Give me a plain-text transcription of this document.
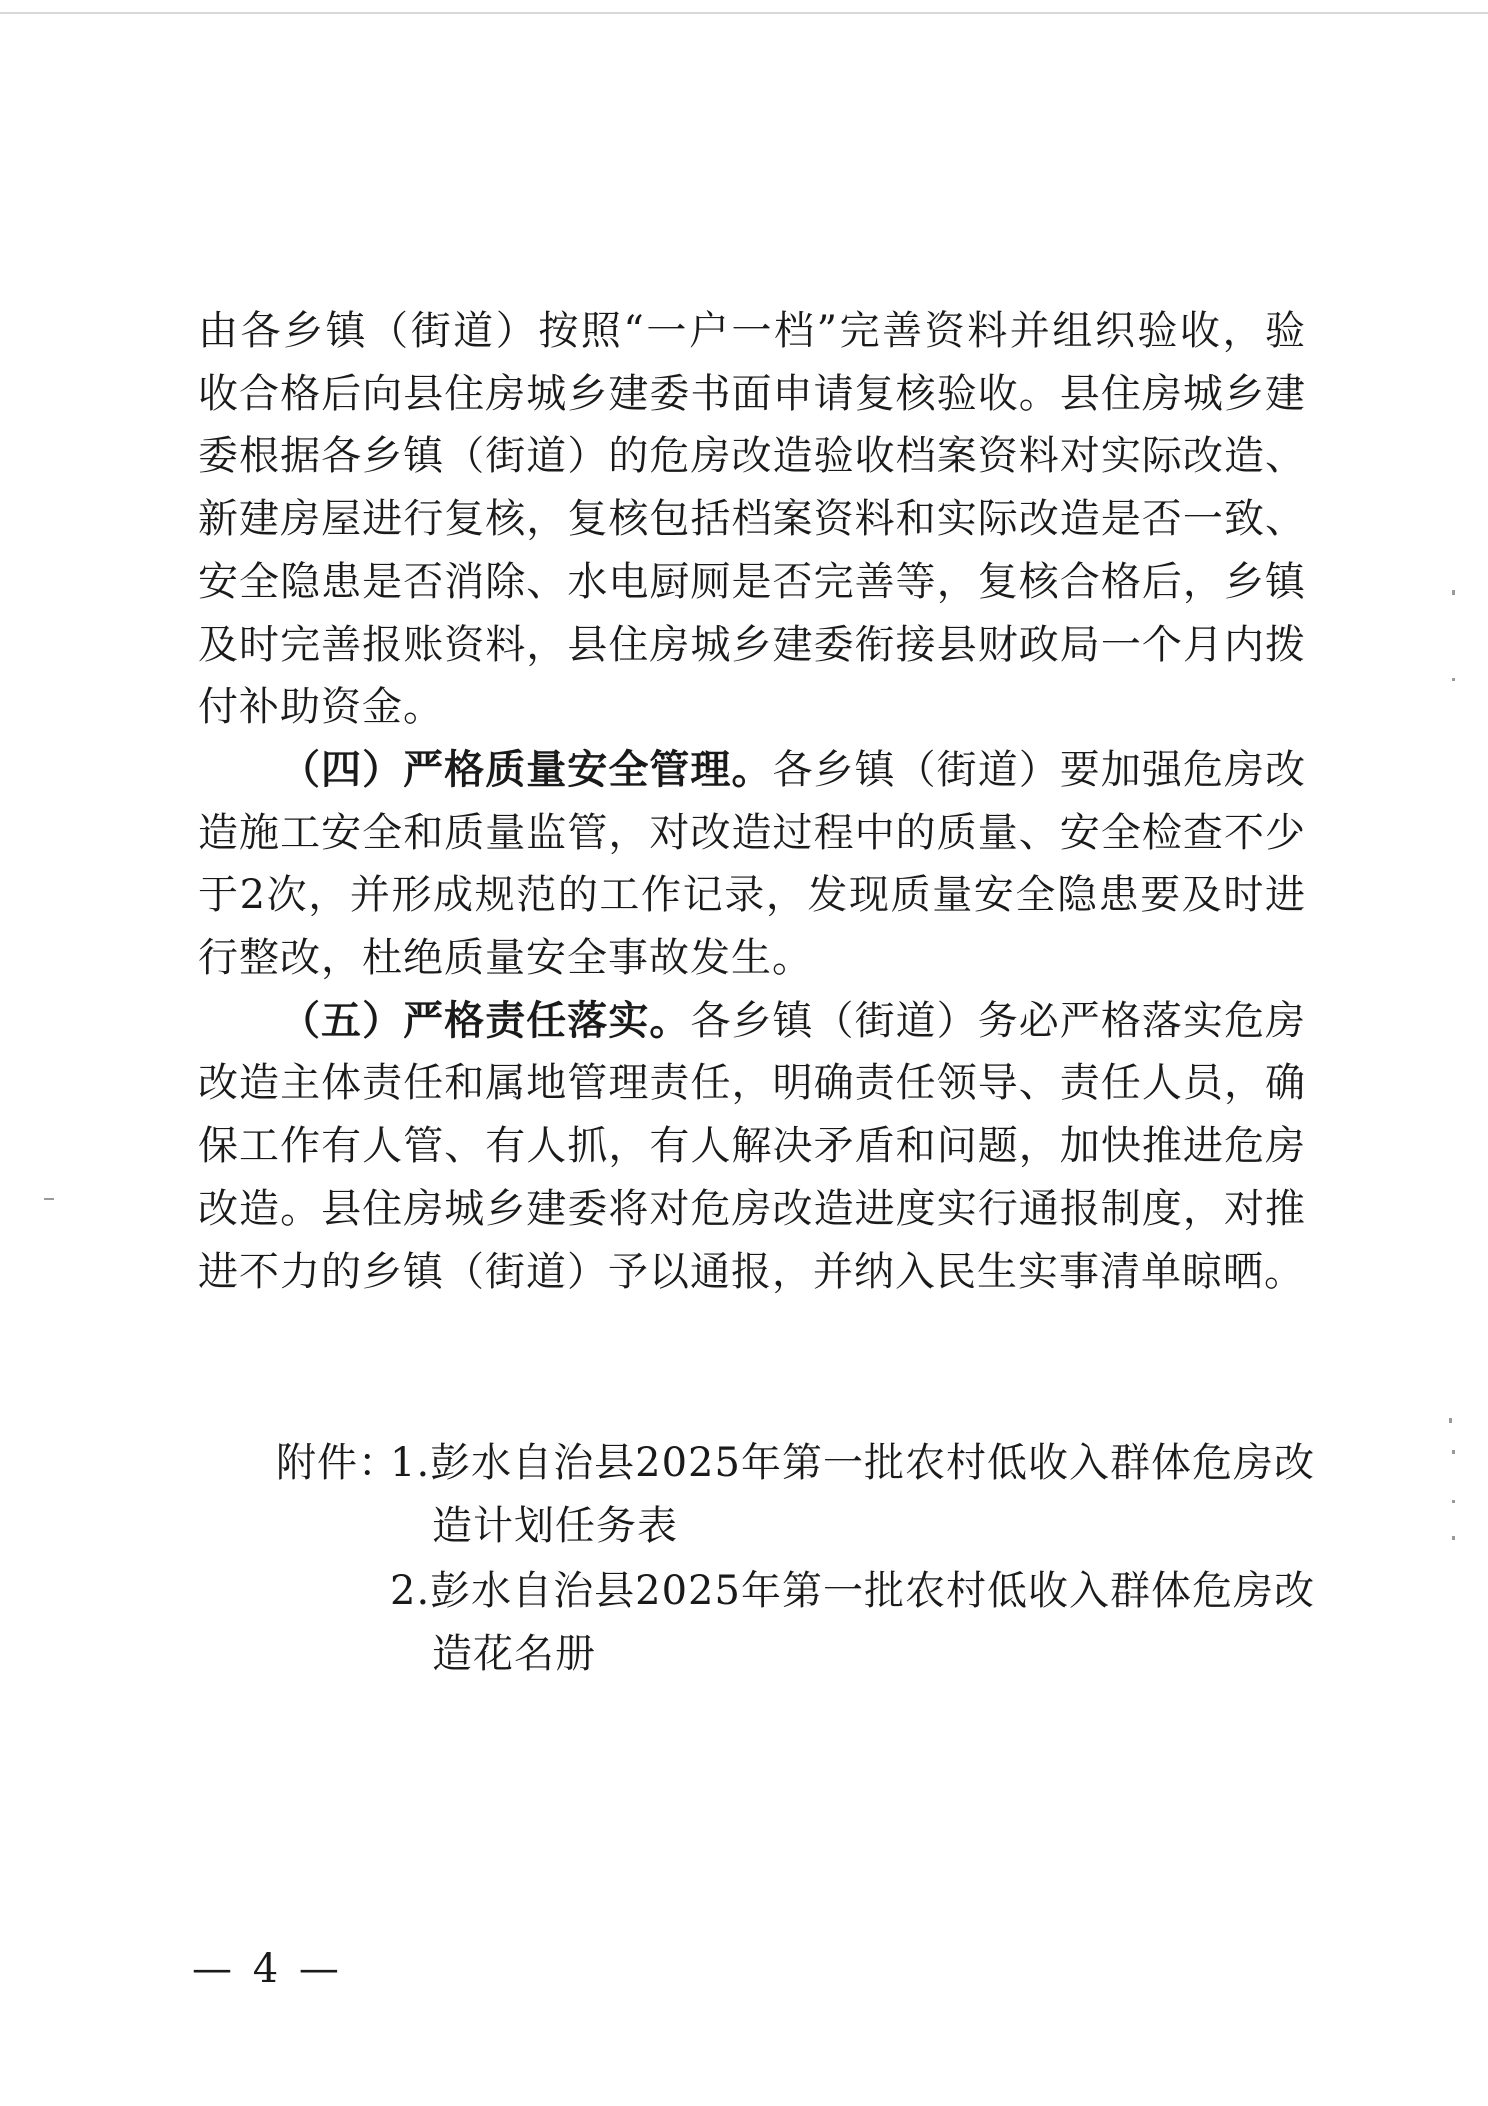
由各乡镇（街道）按照“一户一档”完善资料并组织验收，验收合格后向县住房城乡建委书面申请复核验收。县住房城乡建委根据各乡镇（街道）的危房改造验收档案资料对实际改造、新建房屋进行复核，复核包括档案资料和实际改造是否一致、安全隐患是否消除、水电厨厕是否完善等，复核合格后，乡镇及时完善报账资料，县住房城乡建委衔接县财政局一个月内拨付补助资金。

（四）严格质量安全管理。各乡镇（街道）要加强危房改造施工安全和质量监管，对改造过程中的质量、安全检查不少于2次，并形成规范的工作记录，发现质量安全隐患要及时进行整改，杜绝质量安全事故发生。

（五）严格责任落实。各乡镇（街道）务必严格落实危房改造主体责任和属地管理责任，明确责任领导、责任人员，确保工作有人管、有人抓，有人解决矛盾和问题，加快推进危房改造。县住房城乡建委将对危房改造进度实行通报制度，对推进不力的乡镇（街道）予以通报，并纳入民生实事清单晾晒。

附件：
1.彭水自治县2025年第一批农村低收入群体危房改
造计划任务表
2.彭水自治县2025年第一批农村低收入群体危房改
造花名册
— 4 —
